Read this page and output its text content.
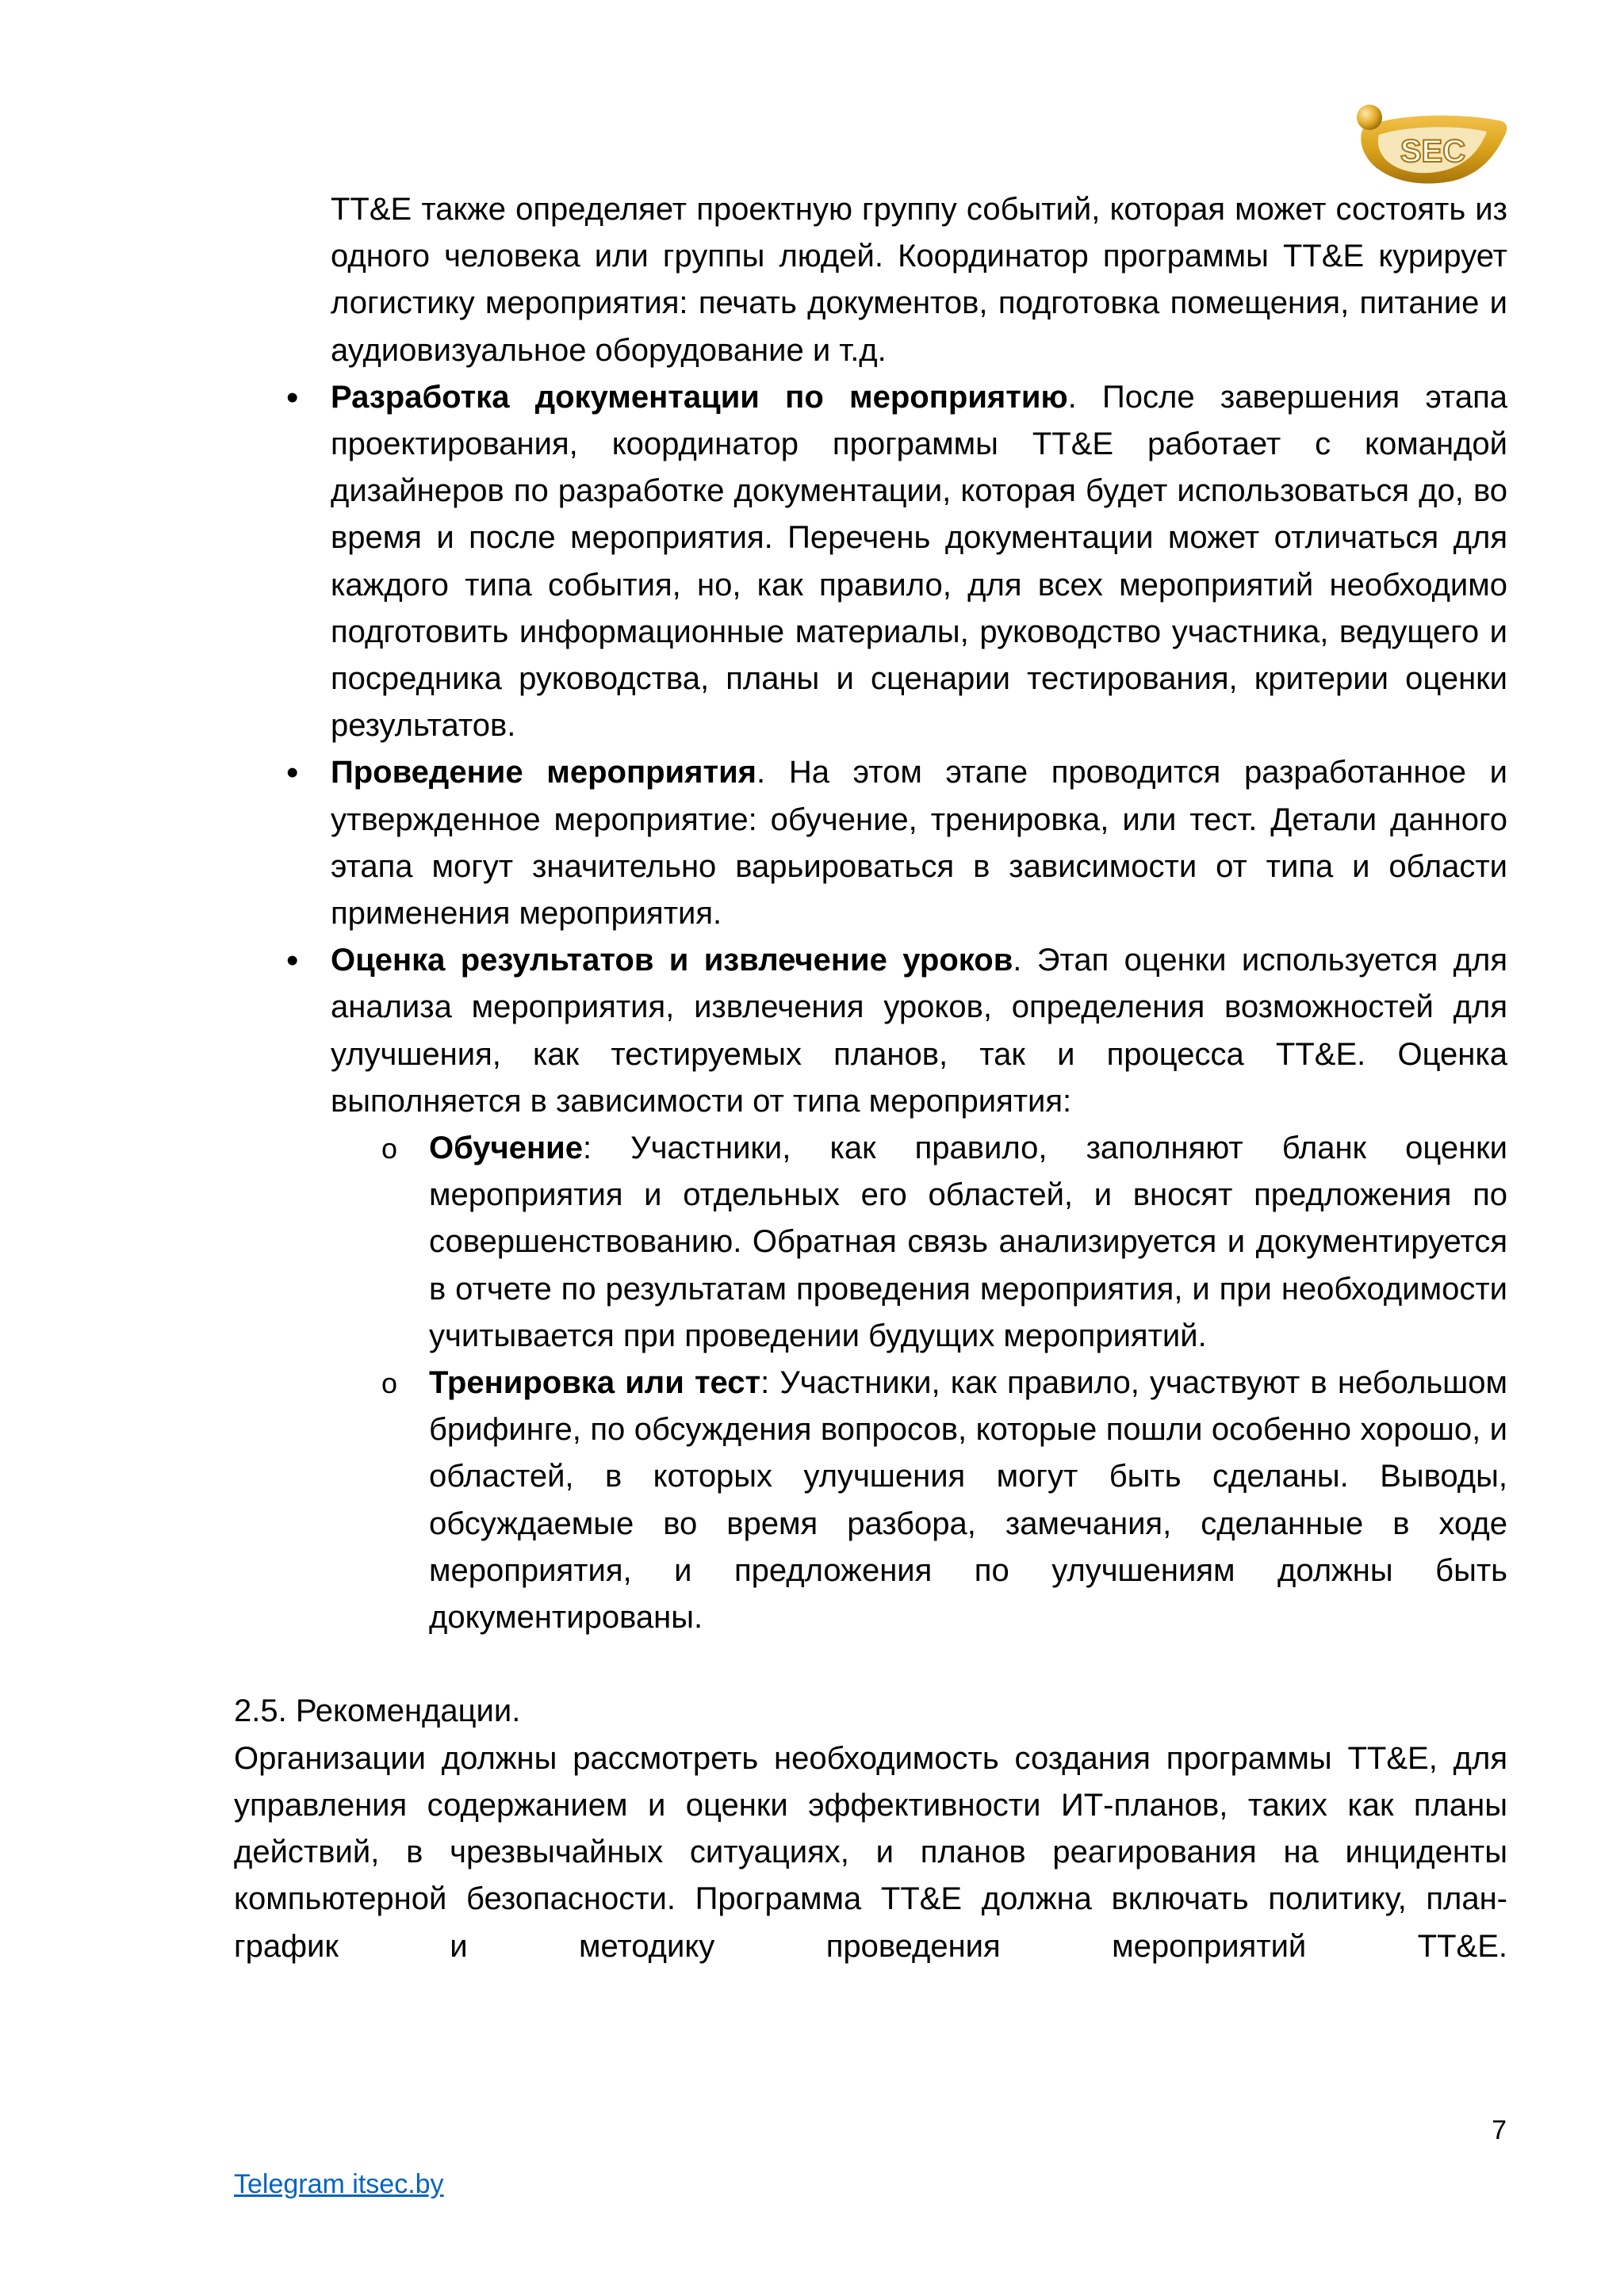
SEC

TT&E также определяет проектную группу событий, которая может состоять из одного человека или группы людей. Координатор программы TT&E курирует логистику мероприятия: печать документов, подготовка помещения, питание и аудиовизуальное оборудование и т.д.

• Разработка документации по мероприятию. После завершения этапа проектирования, координатор программы TT&E работает с командой дизайнеров по разработке документации, которая будет использоваться до, во время и после мероприятия. Перечень документации может отличаться для каждого типа события, но, как правило, для всех мероприятий необходимо подготовить информационные материалы, руководство участника, ведущего и посредника руководства, планы и сценарии тестирования, критерии оценки результатов.

• Проведение мероприятия. На этом этапе проводится разработанное и утвержденное мероприятие: обучение, тренировка, или тест. Детали данного этапа могут значительно варьироваться в зависимости от типа и области применения мероприятия.

• Оценка результатов и извлечение уроков. Этап оценки используется для анализа мероприятия, извлечения уроков, определения возможностей для улучшения, как тестируемых планов, так и процесса TT&E. Оценка выполняется в зависимости от типа мероприятия:

o Обучение: Участники, как правило, заполняют бланк оценки мероприятия и отдельных его областей, и вносят предложения по совершенствованию. Обратная связь анализируется и документируется в отчете по результатам проведения мероприятия, и при необходимости учитывается при проведении будущих мероприятий.

o Тренировка или тест: Участники, как правило, участвуют в небольшом брифинге, по обсуждения вопросов, которые пошли особенно хорошо, и областей, в которых улучшения могут быть сделаны. Выводы, обсуждаемые во время разбора, замечания, сделанные в ходе мероприятия, и предложения по улучшениям должны быть документированы.

2.5. Рекомендации.

Организации должны рассмотреть необходимость создания программы TT&E, для управления содержанием и оценки эффективности ИТ-планов, таких как планы действий, в чрезвычайных ситуациях, и планов реагирования на инциденты компьютерной безопасности. Программа TT&E должна включать политику, план-график и методику проведения мероприятий TT&E.

7
Telegram itsec.by
